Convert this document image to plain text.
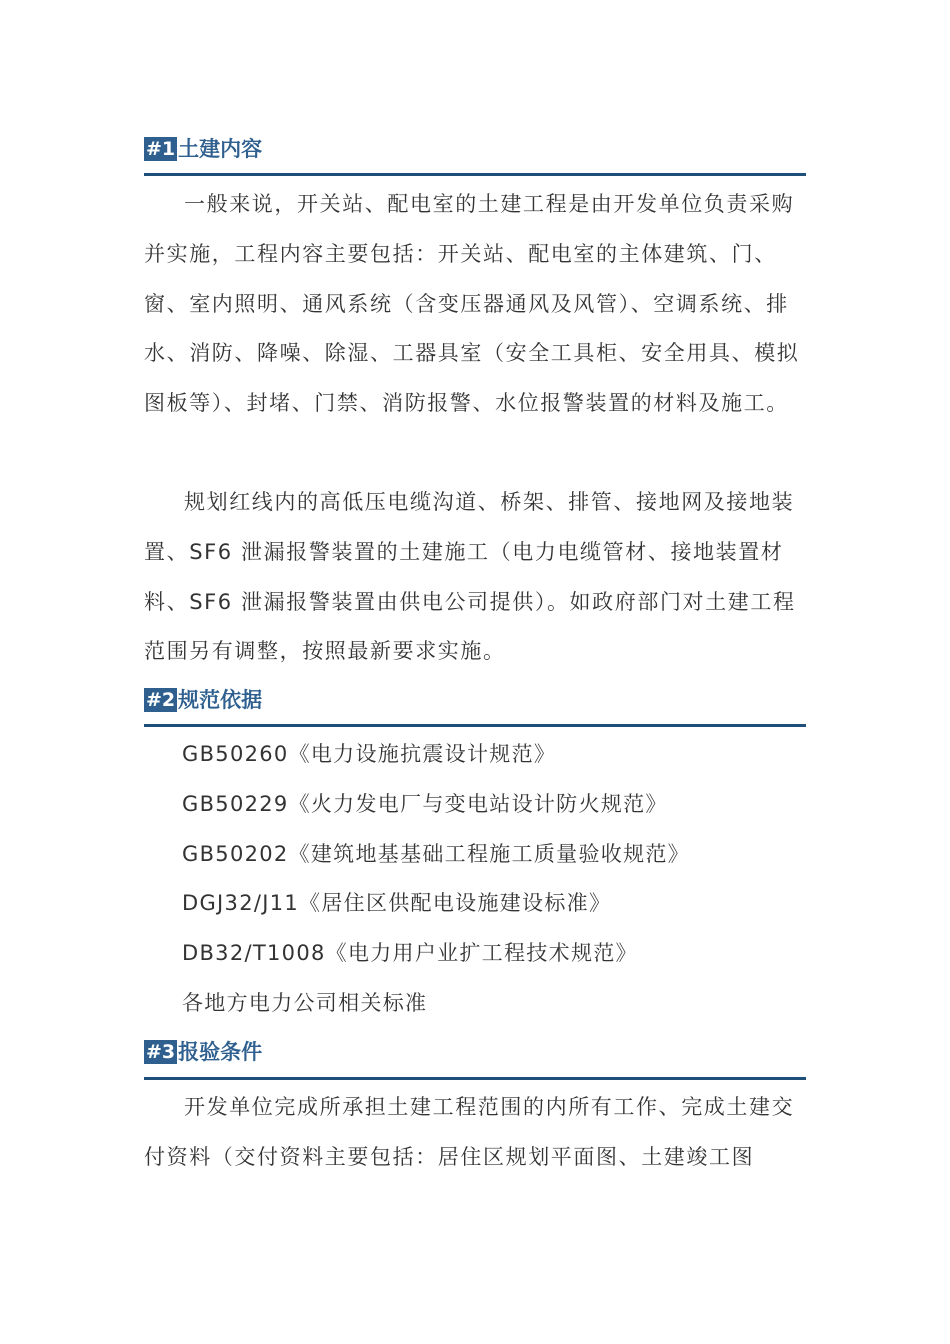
#1 土建内容

一般来说，开关站、配电室的土建工程是由开发单位负责采购并实施，工程内容主要包括：开关站、配电室的主体建筑、门、窗、室内照明、通风系统（含变压器通风及风管）、空调系统、排水、消防、降噪、除湿、工器具室（安全工具柜、安全用具、模拟图板等）、封堵、门禁、消防报警、水位报警装置的材料及施工。

规划红线内的高低压电缆沟道、桥架、排管、接地网及接地装置、SF6 泄漏报警装置的土建施工（电力电缆管材、接地装置材料、SF6 泄漏报警装置由供电公司提供）。如政府部门对土建工程范围另有调整，按照最新要求实施。

#2 规范依据
GB50260《电力设施抗震设计规范》
GB50229《火力发电厂与变电站设计防火规范》
GB50202《建筑地基基础工程施工质量验收规范》
DGJ32/J11《居住区供配电设施建设标准》
DB32/T1008《电力用户业扩工程技术规范》
各地方电力公司相关标准
#3 报验条件

开发单位完成所承担土建工程范围的内所有工作、完成土建交付资料（交付资料主要包括：居住区规划平面图、土建竣工图
